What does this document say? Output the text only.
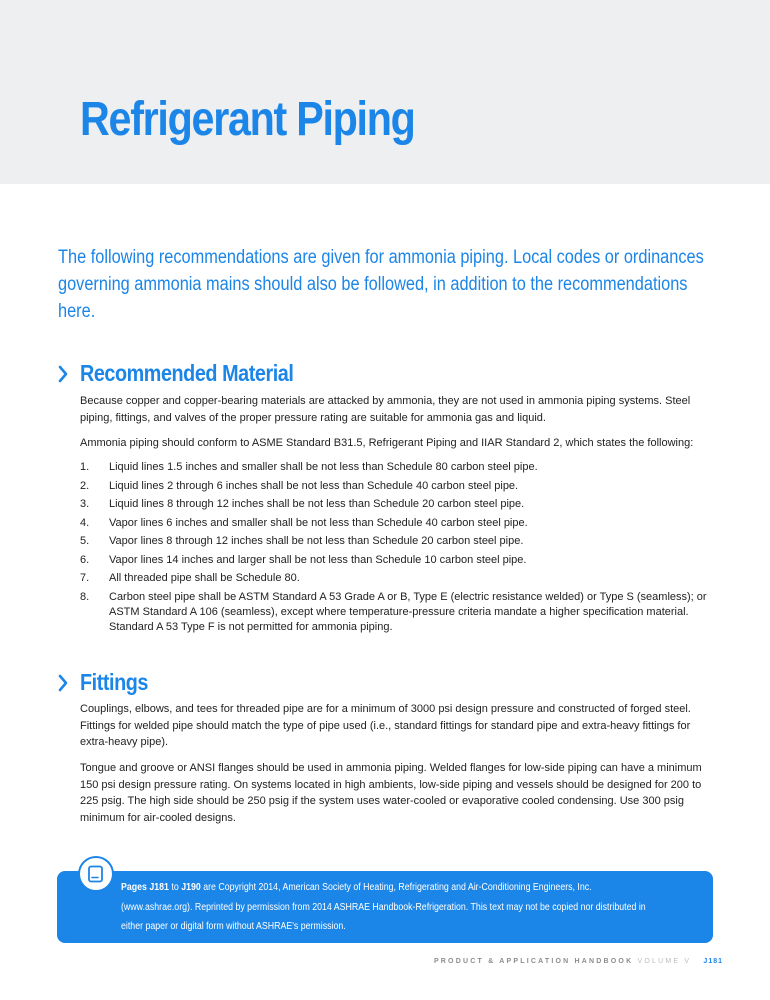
Refrigerant Piping

The following recommendations are given for ammonia piping. Local codes or ordinances governing ammonia mains should also be followed, in addition to the recommendations here.

Recommended Material

Because copper and copper-bearing materials are attacked by ammonia, they are not used in ammonia piping systems. Steel piping, fittings, and valves of the proper pressure rating are suitable for ammonia gas and liquid.

Ammonia piping should conform to ASME Standard B31.5, Refrigerant Piping and IIAR Standard 2, which states the following:

1.	Liquid lines 1.5 inches and smaller shall be not less than Schedule 80 carbon steel pipe.
2.	Liquid lines 2 through 6 inches shall be not less than Schedule 40 carbon steel pipe.
3.	Liquid lines 8 through 12 inches shall be not less than Schedule 20 carbon steel pipe.
4.	Vapor lines 6 inches and smaller shall be not less than Schedule 40 carbon steel pipe.
5.	Vapor lines 8 through 12 inches shall be not less than Schedule 20 carbon steel pipe.
6.	Vapor lines 14 inches and larger shall be not less than Schedule 10 carbon steel pipe.
7.	All threaded pipe shall be Schedule 80.
8.	Carbon steel pipe shall be ASTM Standard A 53 Grade A or B, Type E (electric resistance welded) or Type S (seamless); or ASTM Standard A 106 (seamless), except where temperature-pressure criteria mandate a higher specification material. Standard A 53 Type F is not permitted for ammonia piping.
Fittings

Couplings, elbows, and tees for threaded pipe are for a minimum of 3000 psi design pressure and constructed of forged steel. Fittings for welded pipe should match the type of pipe used (i.e., standard fittings for standard pipe and extra-heavy fittings for extra-heavy pipe).

Tongue and groove or ANSI flanges should be used in ammonia piping. Welded flanges for low-side piping can have a minimum 150 psi design pressure rating. On systems located in high ambients, low-side piping and vessels should be designed for 200 to 225 psig. The high side should be 250 psig if the system uses water-cooled or evaporative cooled condensing. Use 300 psig minimum for air-cooled designs.

Pages J181 to J190 are Copyright 2014, American Society of Heating, Refrigerating and Air-Conditioning Engineers, Inc.
(www.ashrae.org). Reprinted by permission from 2014 ASHRAE Handbook-Refrigeration. This text may not be copied nor distributed in
either paper or digital form without ASHRAE's permission.

PRODUCT & APPLICATION HANDBOOK VOLUME V J181
